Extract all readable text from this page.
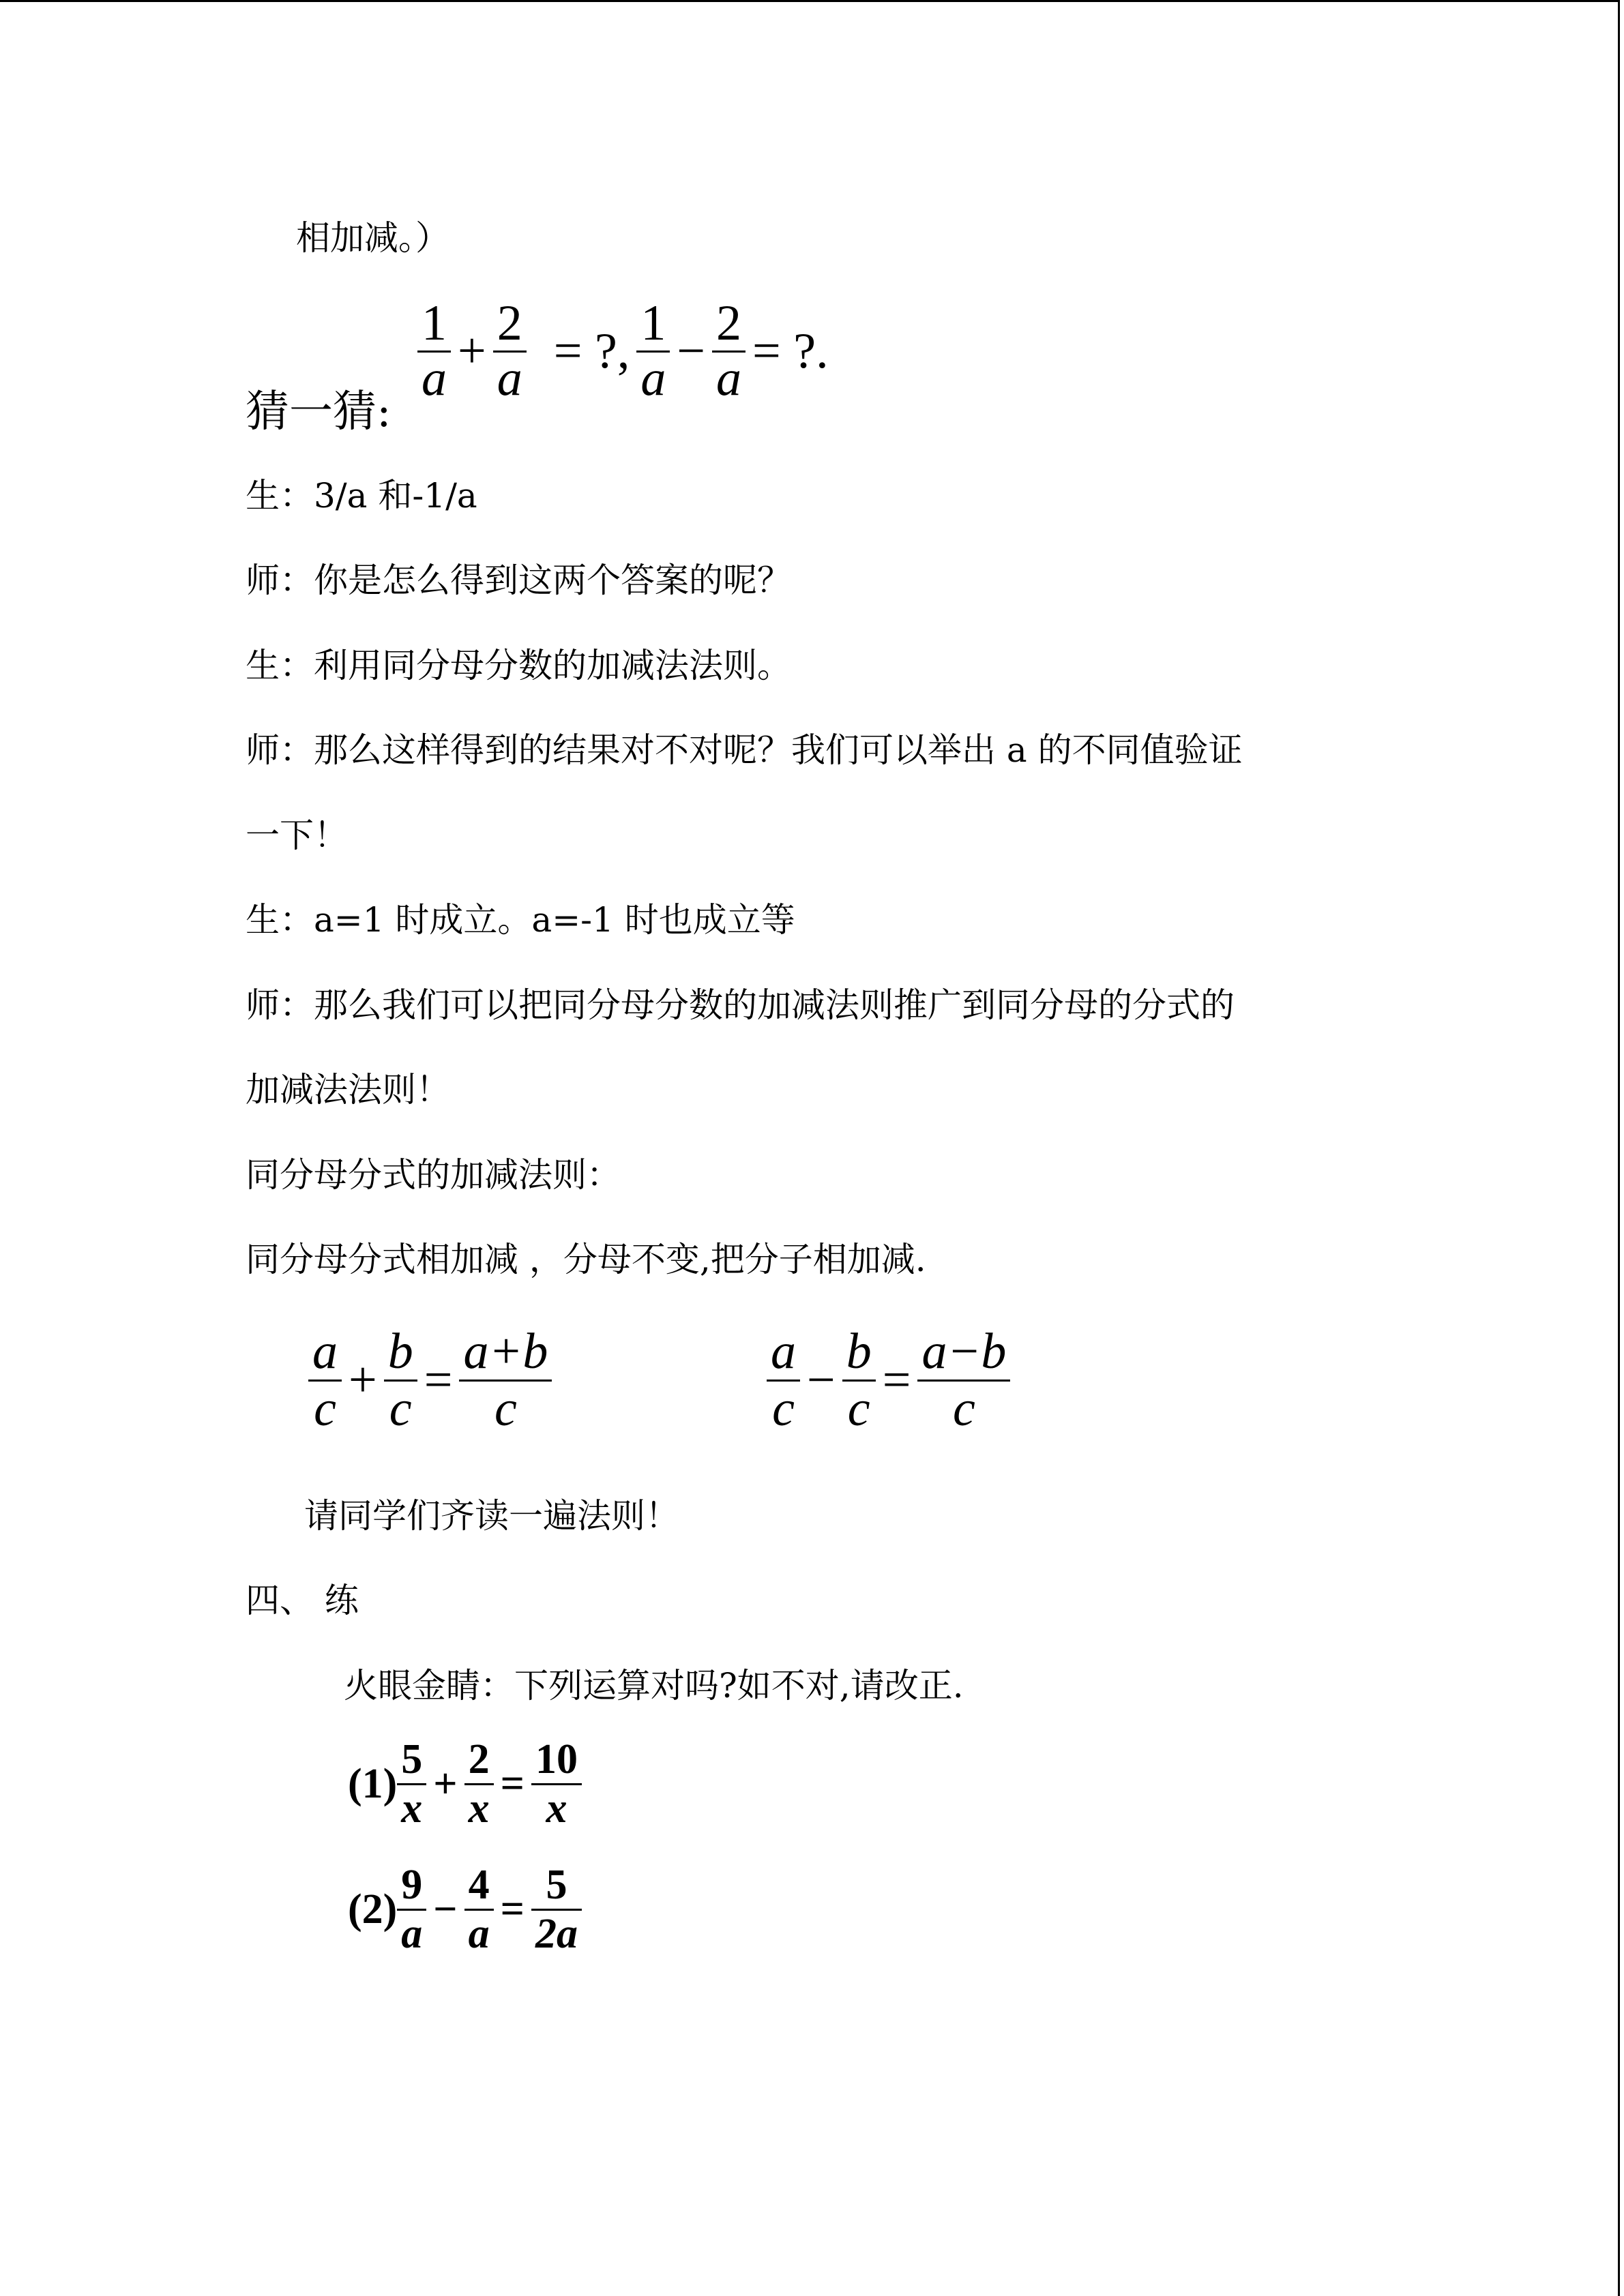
相加减。）
猜一猜:
$\frac{1}{a} + \frac{2}{a}$ = ?, $\frac{1}{a} - \frac{2}{a}$ = ?.
生：3/a 和-1/a
师：你是怎么得到这两个答案的呢？
生：利用同分母分数的加减法法则。
师：那么这样得到的结果对不对呢？我们可以举出 a 的不同值验证
一下！
生：a=1 时成立。a=-1 时也成立等
师：那么我们可以把同分母分数的加减法则推广到同分母的分式的
加减法法则！
同分母分式的加减法则：
同分母分式相加减 ，分母不变,把分子相加减.
$\frac{a}{c} + \frac{b}{c} = \frac{a+b}{c}$	$\frac{a}{c} - \frac{b}{c} = \frac{a-b}{c}$
请同学们齐读一遍法则！
四、 练
火眼金睛：下列运算对吗?如不对,请改正.
$(1) \frac{5}{x} + \frac{2}{x} = \frac{10}{x}$
$(2) \frac{9}{a} - \frac{4}{a} = \frac{5}{2a}$
